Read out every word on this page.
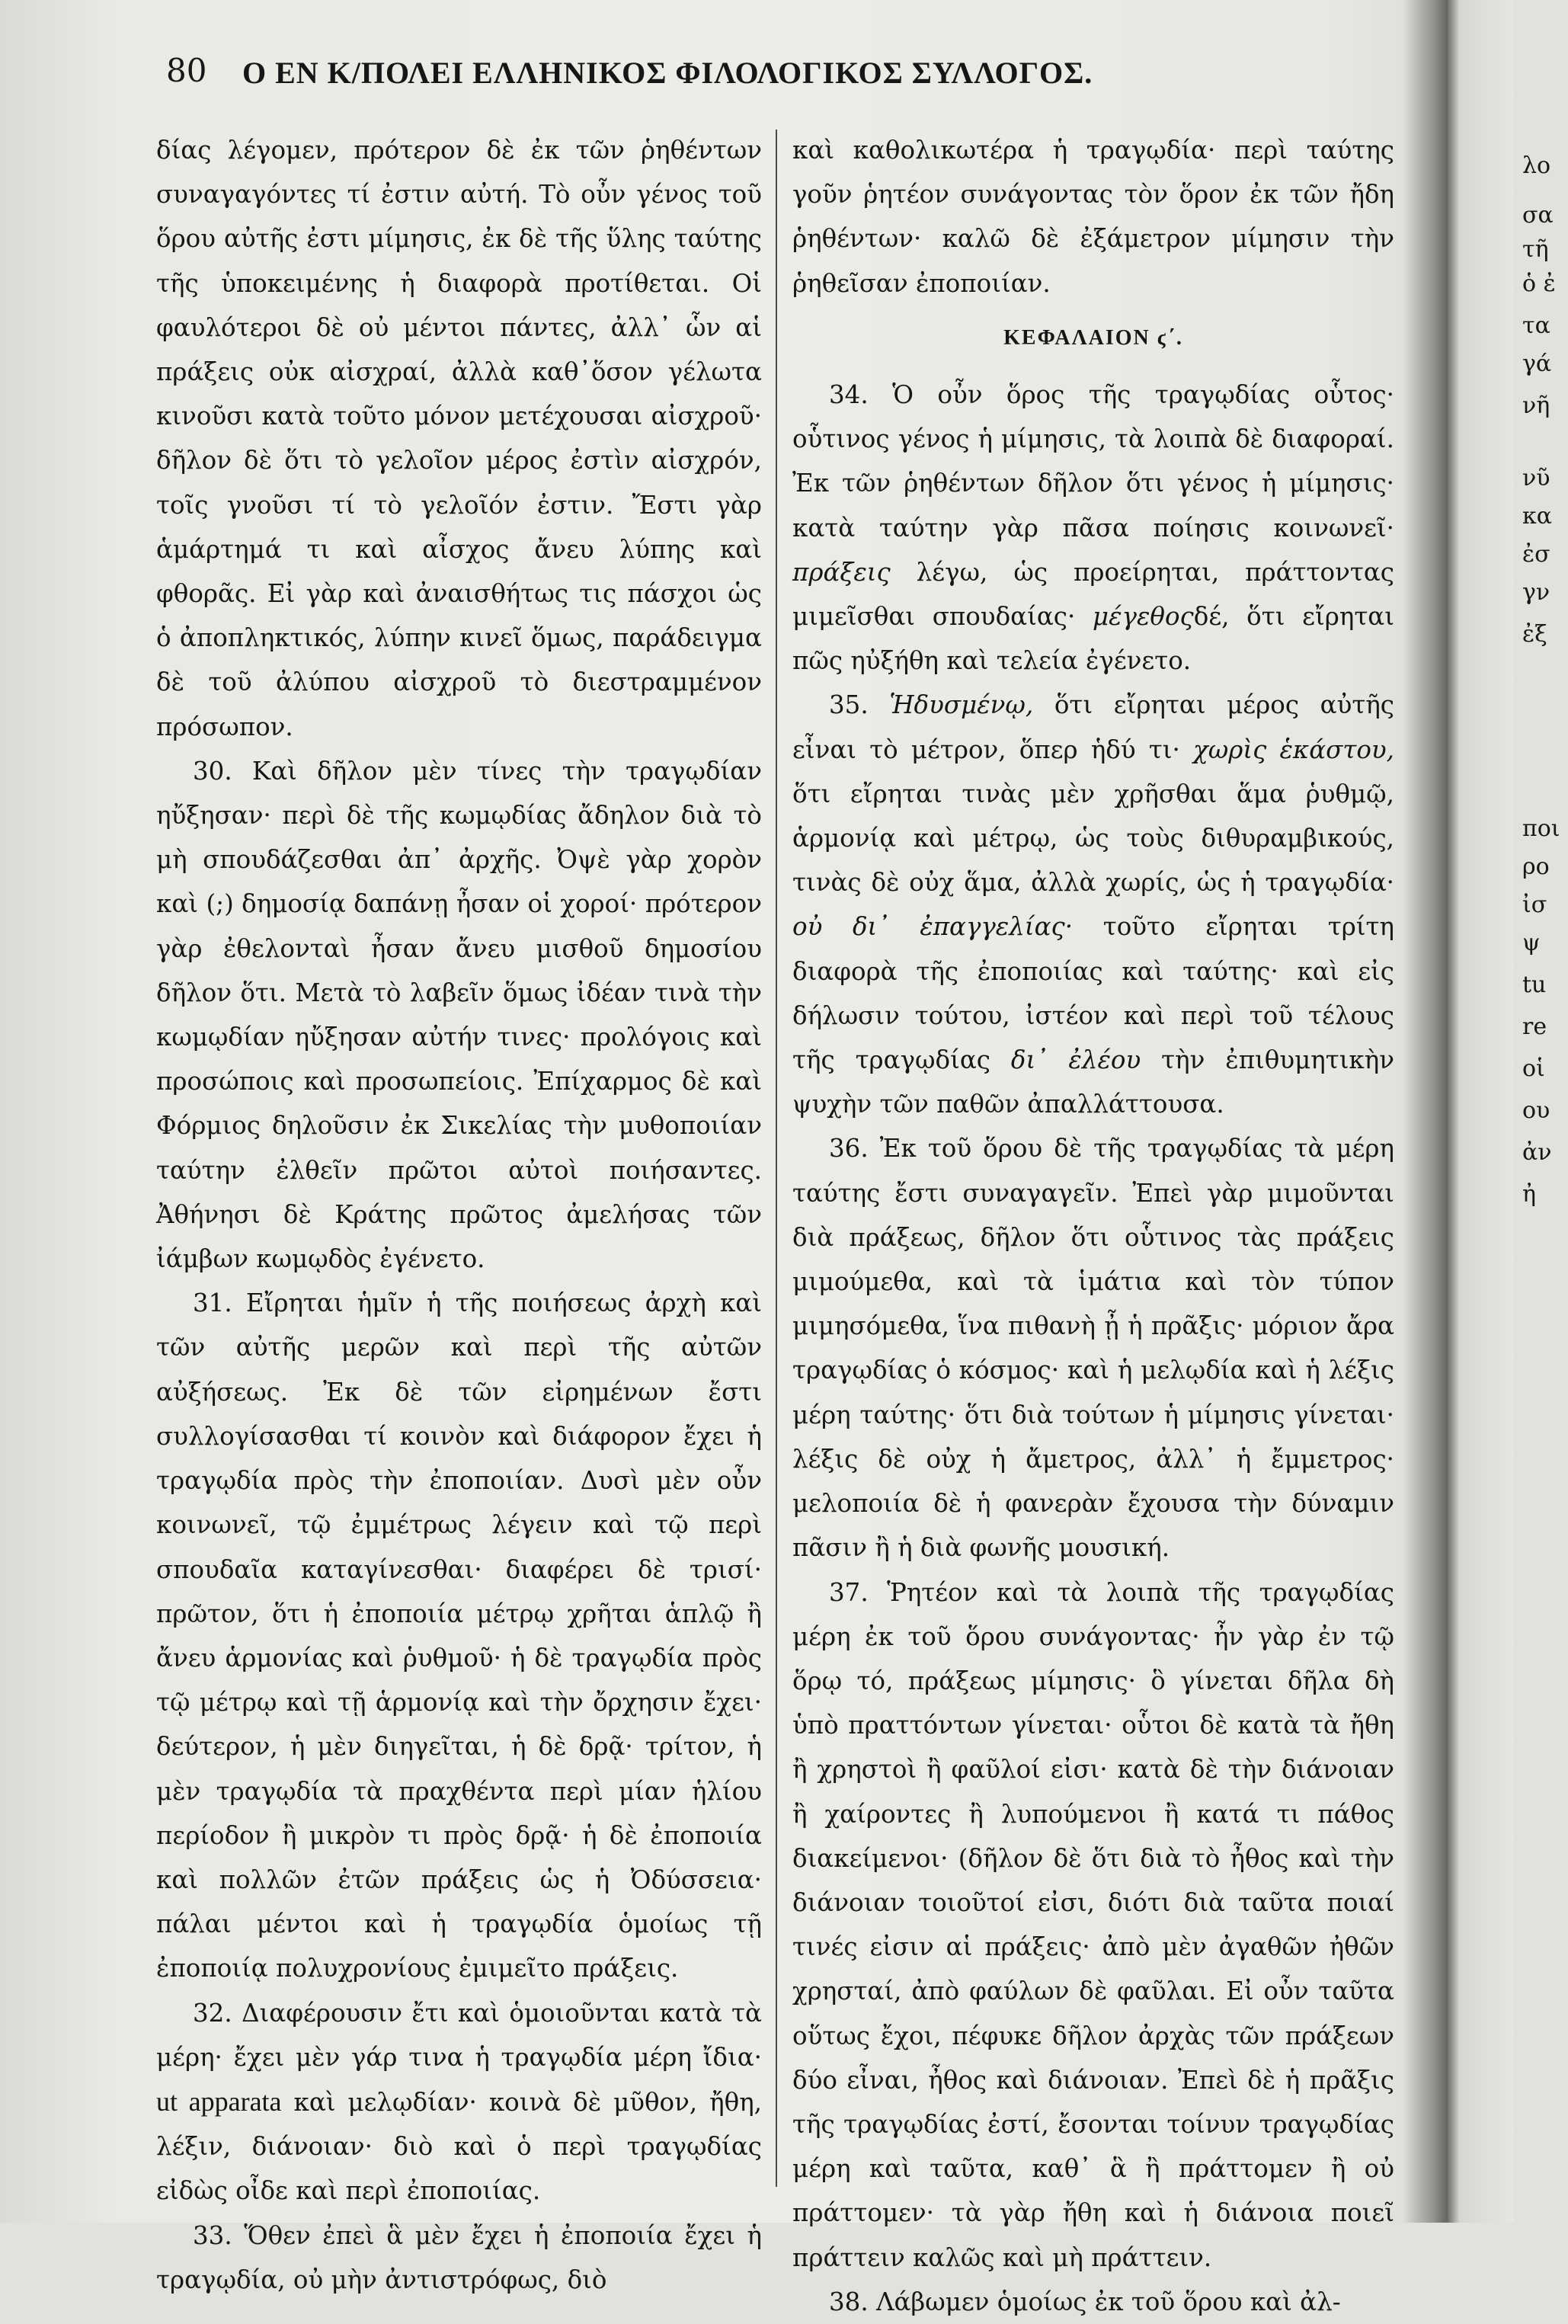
80 Ο ΕΝ Κ/ΠΟΛΕΙ ΕΛΛΗΝΙΚΟΣ ΦΙΛΟΛΟΓΙΚΟΣ ΣΥΛΛΟΓΟΣ.

δίας λέγομεν, πρότερον δὲ ἐκ τῶν ῥηθέντων συναγαγόντες τί ἐστιν αὐτή. Τὸ οὖν γένος τοῦ ὅρου αὐτῆς ἐστι μίμησις, ἐκ δὲ τῆς ὕλης ταύτης τῆς ὑποκειμένης ἡ διαφορὰ προτίθεται. Οἱ φαυλότεροι δὲ οὐ μέντοι πάντες, ἀλλ᾽ ὧν αἱ πράξεις οὐκ αἰσχραί, ἀλλὰ καθ᾽ὅσον γέλωτα κινοῦσι κατὰ τοῦτο μόνον μετέχουσαι αἰσχροῦ· δῆλον δὲ ὅτι τὸ γελοῖον μέρος ἐστὶν αἰσχρόν, τοῖς γνοῦσι τί τὸ γελοῖόν ἐστιν. Ἔστι γὰρ ἁμάρτημά τι καὶ αἶσχος ἄνευ λύπης καὶ φθορᾶς. Εἰ γὰρ καὶ ἀναισθήτως τις πάσχοι ὡς ὁ ἀποπληκτικός, λύπην κινεῖ ὅμως, παράδειγμα δὲ τοῦ ἀλύπου αἰσχροῦ τὸ διεστραμμένον πρόσωπον.

30. Καὶ δῆλον μὲν τίνες τὴν τραγῳδίαν ηὔξησαν· περὶ δὲ τῆς κωμῳδίας ἄδηλον διὰ τὸ μὴ σπουδάζεσθαι ἀπ᾽ ἀρχῆς. Ὀψὲ γὰρ χορὸν καὶ (;) δημοσίᾳ δαπάνῃ ἦσαν οἱ χοροί· πρότερον γὰρ ἐθελονταὶ ἦσαν ἄνευ μισθοῦ δημοσίου δῆλον ὅτι. Μετὰ τὸ λαβεῖν ὅμως ἰδέαν τινὰ τὴν κωμῳδίαν ηὔξησαν αὐτήν τινες· προλόγοις καὶ προσώποις καὶ προσωπείοις. Ἐπίχαρμος δὲ καὶ Φόρμιος δηλοῦσιν ἐκ Σικελίας τὴν μυθοποιίαν ταύτην ἐλθεῖν πρῶτοι αὐτοὶ ποιήσαντες. Ἀθήνησι δὲ Κράτης πρῶτος ἀμελήσας τῶν ἰάμβων κωμῳδὸς ἐγένετο.

31. Εἴρηται ἡμῖν ἡ τῆς ποιήσεως ἀρχὴ καὶ τῶν αὐτῆς μερῶν καὶ περὶ τῆς αὐτῶν αὐξήσεως. Ἐκ δὲ τῶν εἰρημένων ἔστι συλλογίσασθαι τί κοινὸν καὶ διάφορον ἔχει ἡ τραγῳδία πρὸς τὴν ἐποποιίαν. Δυσὶ μὲν οὖν κοινωνεῖ, τῷ ἐμμέτρως λέγειν καὶ τῷ περὶ σπουδαῖα καταγίνεσθαι· διαφέρει δὲ τρισί· πρῶτον, ὅτι ἡ ἐποποιία μέτρῳ χρῆται ἁπλῷ ἢ ἄνευ ἁρμονίας καὶ ῥυθμοῦ· ἡ δὲ τραγῳδία πρὸς τῷ μέτρῳ καὶ τῇ ἁρμονίᾳ καὶ τὴν ὄρχησιν ἔχει· δεύτερον, ἡ μὲν διηγεῖται, ἡ δὲ δρᾷ· τρίτον, ἡ μὲν τραγῳδία τὰ πραχθέντα περὶ μίαν ἡλίου περίοδον ἢ μικρὸν τι πρὸς δρᾷ· ἡ δὲ ἐποποιία καὶ πολλῶν ἐτῶν πράξεις ὡς ἡ Ὀδύσσεια· πάλαι μέντοι καὶ ἡ τραγῳδία ὁμοίως τῇ ἐποποιίᾳ πολυχρονίους ἐμιμεῖτο πράξεις.

32. Διαφέρουσιν ἔτι καὶ ὁμοιοῦνται κατὰ τὰ μέρη· ἔχει μὲν γάρ τινα ἡ τραγῳδία μέρη ἴδια· ut apparata καὶ μελῳδίαν· κοινὰ δὲ μῦθον, ἤθη, λέξιν, διάνοιαν· διὸ καὶ ὁ περὶ τραγῳδίας εἰδὼς οἶδε καὶ περὶ ἐποποιίας.

33. Ὅθεν ἐπεὶ ἃ μὲν ἔχει ἡ ἐποποιία ἔχει ἡ τραγῳδία, οὐ μὴν ἀντιστρόφως, διὸ

καὶ καθολικωτέρα ἡ τραγῳδία· περὶ ταύτης γοῦν ῥητέον συνάγοντας τὸν ὅρον ἐκ τῶν ἤδη ῥηθέντων· καλῶ δὲ ἐξάμετρον μίμησιν τὴν ῥηθεῖσαν ἐποποιίαν.

ΚΕΦΑΛΑΙΟΝ ϛ΄.

34. Ὁ οὖν ὅρος τῆς τραγῳδίας οὗτος· οὗτινος γένος ἡ μίμησις, τὰ λοιπὰ δὲ διαφοραί. Ἐκ τῶν ῥηθέντων δῆλον ὅτι γένος ἡ μίμησις· κατὰ ταύτην γὰρ πᾶσα ποίησις κοινωνεῖ· πράξεις λέγω, ὡς προείρηται, πράττοντας μιμεῖσθαι σπουδαίας· μέγεθοςδέ, ὅτι εἴρηται πῶς ηὐξήθη καὶ τελεία ἐγένετο.

35. Ἡδυσμένῳ, ὅτι εἴρηται μέρος αὐτῆς εἶναι τὸ μέτρον, ὅπερ ἡδύ τι· χωρὶς ἑκάστου, ὅτι εἴρηται τινὰς μὲν χρῆσθαι ἅμα ῥυθμῷ, ἁρμονίᾳ καὶ μέτρῳ, ὡς τοὺς διθυραμβικούς, τινὰς δὲ οὐχ ἅμα, ἀλλὰ χωρίς, ὡς ἡ τραγῳδία· οὐ δι᾽ ἐπαγγελίας· τοῦτο εἴρηται τρίτη διαφορὰ τῆς ἐποποιίας καὶ ταύτης· καὶ εἰς δήλωσιν τούτου, ἰστέον καὶ περὶ τοῦ τέλους τῆς τραγῳδίας δι᾽ ἐλέου τὴν ἐπιθυμητικὴν ψυχὴν τῶν παθῶν ἀπαλλάττουσα.

36. Ἐκ τοῦ ὅρου δὲ τῆς τραγῳδίας τὰ μέρη ταύτης ἔστι συναγαγεῖν. Ἐπεὶ γὰρ μιμοῦνται διὰ πράξεως, δῆλον ὅτι οὗτινος τὰς πράξεις μιμούμεθα, καὶ τὰ ἱμάτια καὶ τὸν τύπον μιμησόμεθα, ἵνα πιθανὴ ᾖ ἡ πρᾶξις· μόριον ἄρα τραγῳδίας ὁ κόσμος· καὶ ἡ μελῳδία καὶ ἡ λέξις μέρη ταύτης· ὅτι διὰ τούτων ἡ μίμησις γίνεται· λέξις δὲ οὐχ ἡ ἄμετρος, ἀλλ᾽ ἡ ἔμμετρος· μελοποιία δὲ ἡ φανερὰν ἔχουσα τὴν δύναμιν πᾶσιν ἢ ἡ διὰ φωνῆς μουσική.

37. Ῥητέον καὶ τὰ λοιπὰ τῆς τραγῳδίας μέρη ἐκ τοῦ ὅρου συνάγοντας· ἦν γὰρ ἐν τῷ ὅρῳ τό, πράξεως μίμησις· ὃ γίνεται δῆλα δὴ ὑπὸ πραττόντων γίνεται· οὗτοι δὲ κατὰ τὰ ἤθη ἢ χρηστοὶ ἢ φαῦλοί εἰσι· κατὰ δὲ τὴν διάνοιαν ἢ χαίροντες ἢ λυπούμενοι ἢ κατά τι πάθος διακείμενοι· (δῆλον δὲ ὅτι διὰ τὸ ἦθος καὶ τὴν διάνοιαν τοιοῦτοί εἰσι, διότι διὰ ταῦτα ποιαί τινές εἰσιν αἱ πράξεις· ἀπὸ μὲν ἀγαθῶν ἠθῶν χρησταί, ἀπὸ φαύλων δὲ φαῦλαι. Εἰ οὖν ταῦτα οὕτως ἔχοι, πέφυκε δῆλον ἀρχὰς τῶν πράξεων δύο εἶναι, ἦθος καὶ διάνοιαν. Ἐπεὶ δὲ ἡ πρᾶξις τῆς τραγῳδίας ἐστί, ἔσονται τοίνυν τραγῳδίας μέρη καὶ ταῦτα, καθ᾽ ἃ ἢ πράττομεν ἢ οὐ πράττομεν· τὰ γὰρ ἤθη καὶ ἡ διάνοια ποιεῖ πράττειν καλῶς καὶ μὴ πράττειν.

38. Λάβωμεν ὁμοίως ἐκ τοῦ ὅρου καὶ ἀλ-

λο
σα
τῆ
ὁ ἐ
τα
γά
νῆ
νῦ
κα
ἐσ
γν
ἐξ
ποι
ρο
ἰσ
ψ
tu
re
οἱ
ου
ἀν
ἠ
